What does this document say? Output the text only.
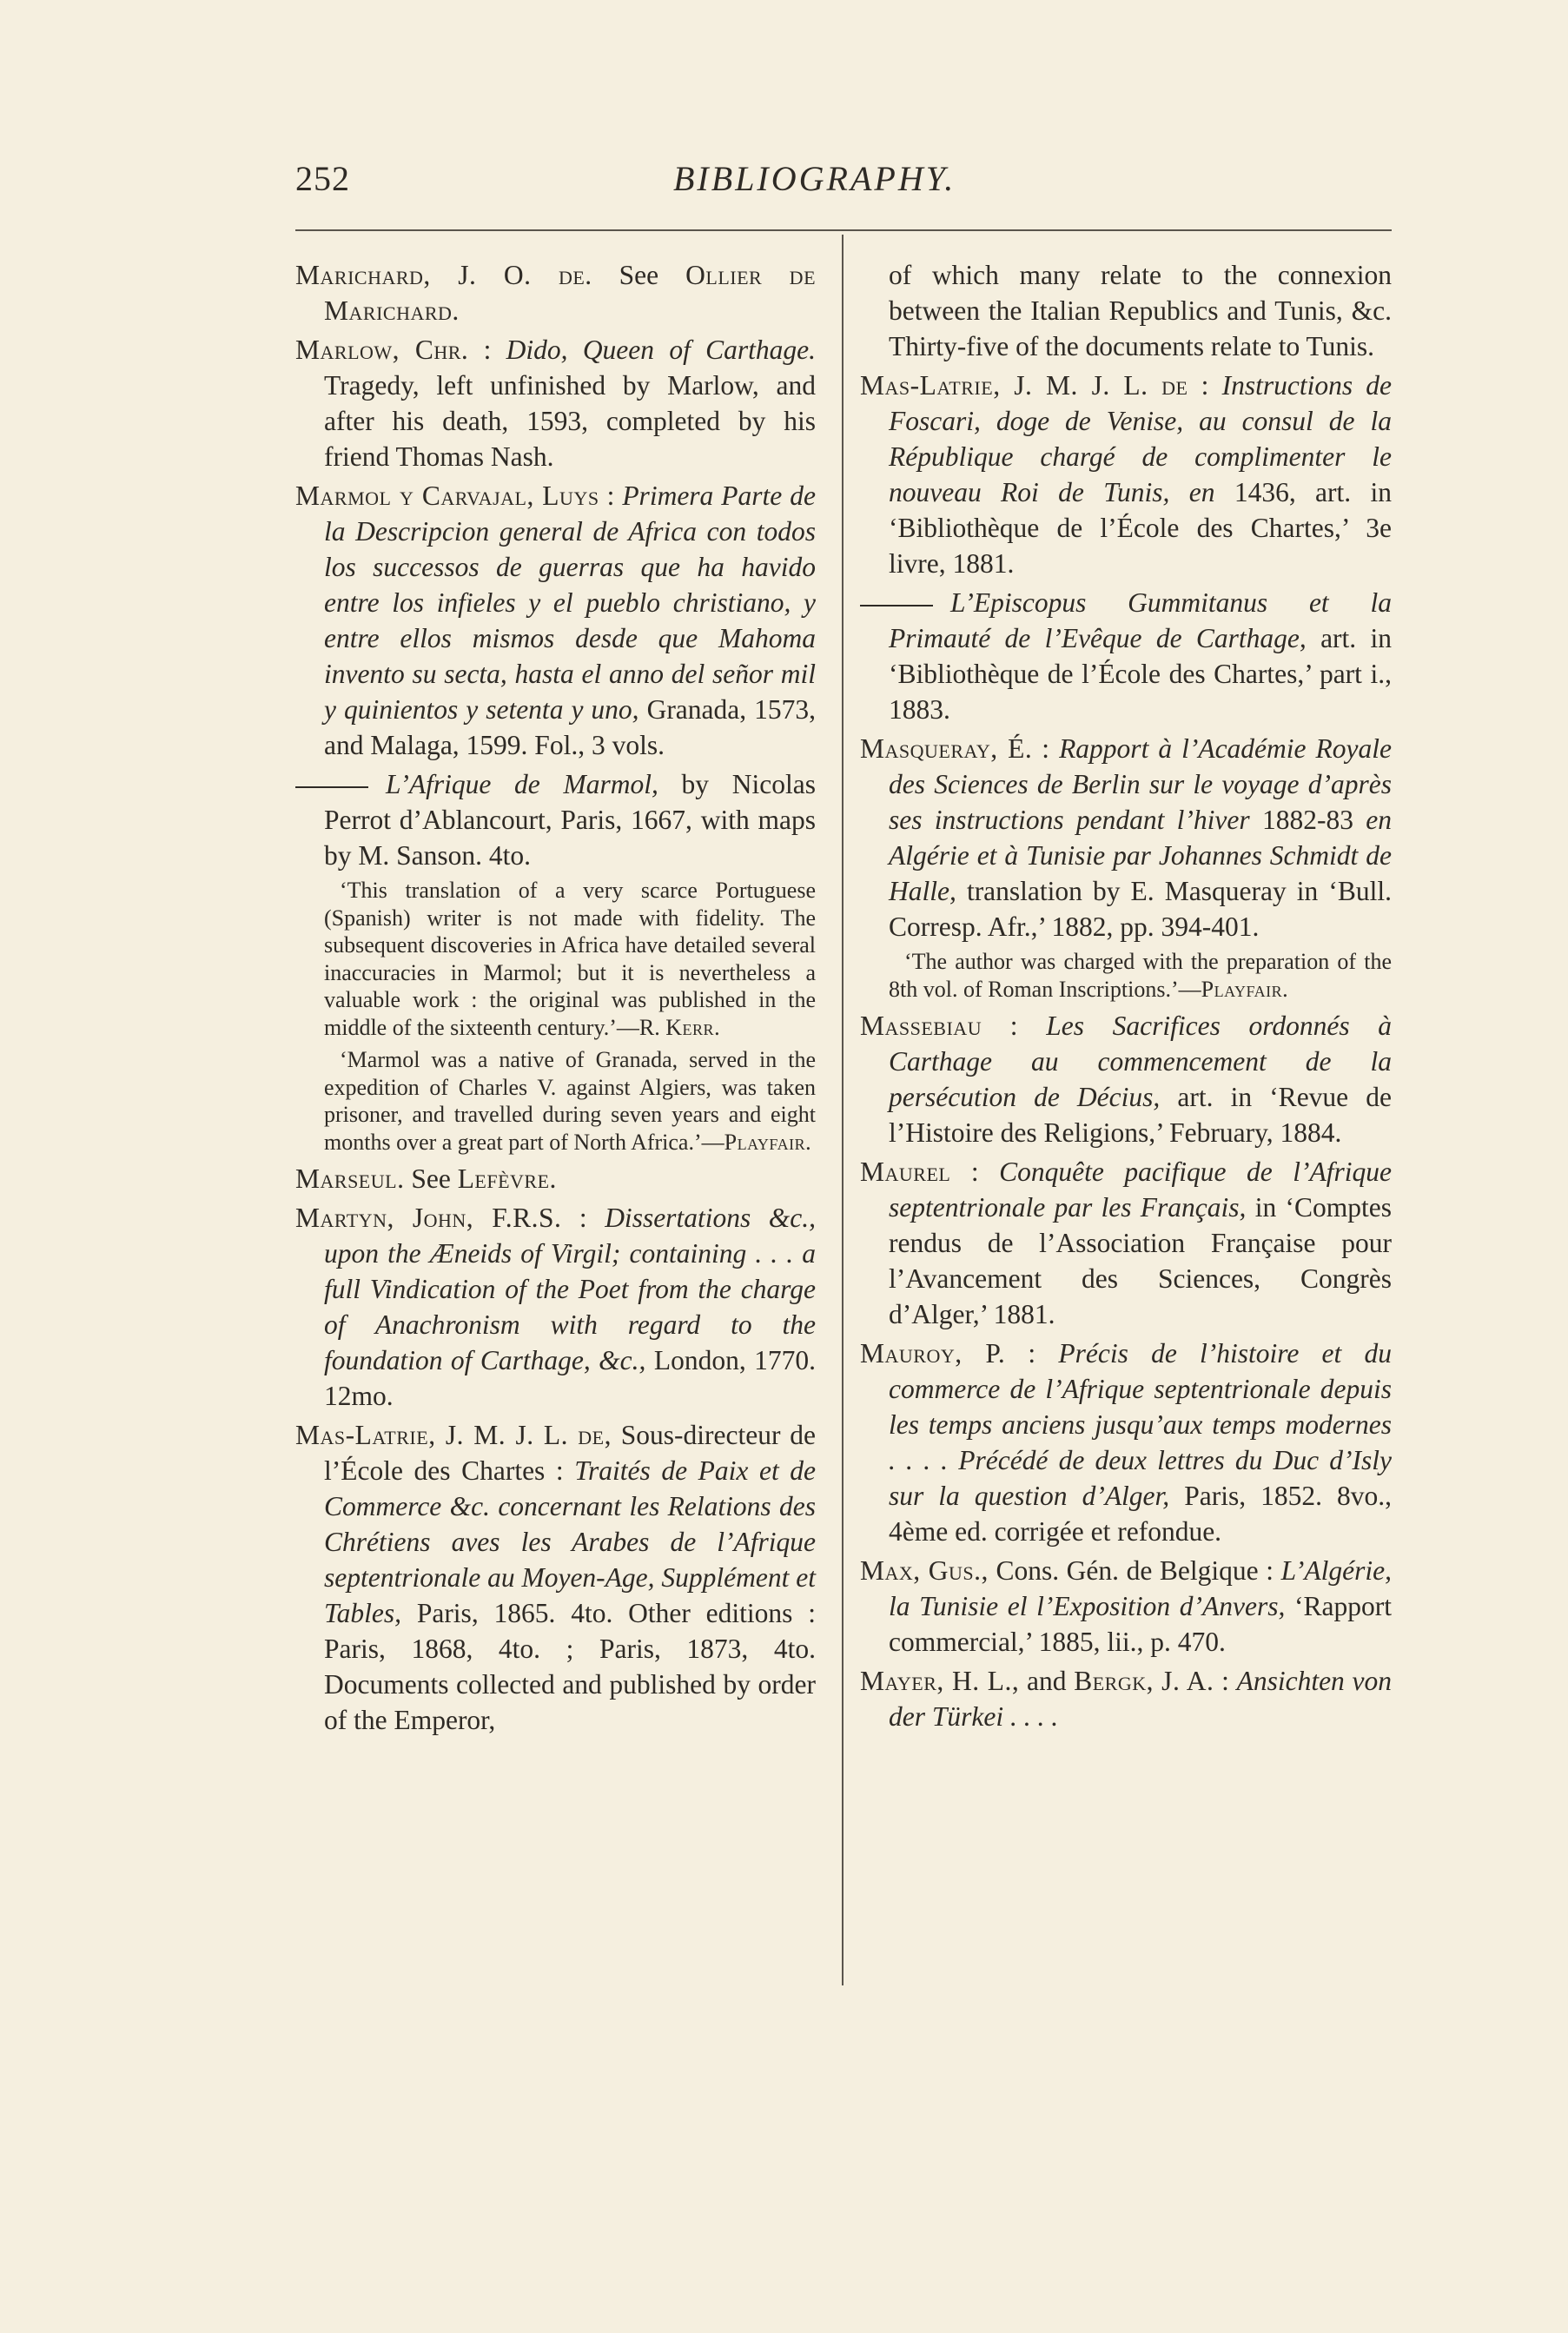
252	BIBLIOGRAPHY.

Marichard, J. O. de. See Ollier de Marichard.

Marlow, Chr. : Dido, Queen of Carthage. Tragedy, left unfinished by Marlow, and after his death, 1593, completed by his friend Thomas Nash.

Marmol y Carvajal, Luys : Primera Parte de la Descripcion general de Africa con todos los successos de guerras que ha havido entre los infieles y el pueblo christiano, y entre ellos mismos desde que Mahoma invento su secta, hasta el anno del señor mil y quinientos y setenta y uno, Granada, 1573, and Malaga, 1599. Fol., 3 vols.

L’Afrique de Marmol, by Nicolas Perrot d’Ablancourt, Paris, 1667, with maps by M. Sanson. 4to.

‘This translation of a very scarce Portuguese (Spanish) writer is not made with fidelity. The subsequent discoveries in Africa have detailed several inaccuracies in Marmol; but it is nevertheless a valuable work : the original was published in the middle of the sixteenth century.’—R. Kerr.

‘Marmol was a native of Granada, served in the expedition of Charles V. against Algiers, was taken prisoner, and travelled during seven years and eight months over a great part of North Africa.’—Playfair.

Marseul. See Lefèvre.

Martyn, John, F.R.S. : Dissertations &c., upon the Æneids of Virgil; containing . . . a full Vindication of the Poet from the charge of Anachronism with regard to the foundation of Carthage, &c., London, 1770. 12mo.

Mas-Latrie, J. M. J. L. de, Sous-directeur de l’École des Chartes : Traités de Paix et de Commerce &c. concernant les Relations des Chrétiens aves les Arabes de l’Afrique septentrionale au Moyen-Age, Supplément et Tables, Paris, 1865. 4to. Other editions : Paris, 1868, 4to. ; Paris, 1873, 4to. Documents collected and published by order of the Emperor,

of which many relate to the connexion between the Italian Republics and Tunis, &c. Thirty-five of the documents relate to Tunis.

Mas-Latrie, J. M. J. L. de : Instructions de Foscari, doge de Venise, au consul de la République chargé de complimenter le nouveau Roi de Tunis, en 1436, art. in ‘Bibliothèque de l’École des Chartes,’ 3e livre, 1881.

L’Episcopus Gummitanus et la Primauté de l’Evêque de Carthage, art. in ‘Bibliothèque de l’École des Chartes,’ part i., 1883.

Masqueray, É. : Rapport à l’Académie Royale des Sciences de Berlin sur le voyage d’après ses instructions pendant l’hiver 1882-83 en Algérie et à Tunisie par Johannes Schmidt de Halle, translation by E. Masqueray in ‘Bull. Corresp. Afr.,’ 1882, pp. 394-401.

‘The author was charged with the preparation of the 8th vol. of Roman Inscriptions.’—Playfair.

Massebiau : Les Sacrifices ordonnés à Carthage au commencement de la persécution de Décius, art. in ‘Revue de l’Histoire des Religions,’ February, 1884.

Maurel : Conquête pacifique de l’Afrique septentrionale par les Français, in ‘Comptes rendus de l’Association Française pour l’Avancement des Sciences, Congrès d’Alger,’ 1881.

Mauroy, P. : Précis de l’histoire et du commerce de l’Afrique septentrionale depuis les temps anciens jusqu’aux temps modernes . . . . Précédé de deux lettres du Duc d’Isly sur la question d’Alger, Paris, 1852. 8vo., 4ème ed. corrigée et refondue.

Max, Gus., Cons. Gén. de Belgique : L’Algérie, la Tunisie el l’Exposition d’Anvers, ‘Rapport commercial,’ 1885, lii., p. 470.

Mayer, H. L., and Bergk, J. A. : Ansichten von der Türkei . . . .
